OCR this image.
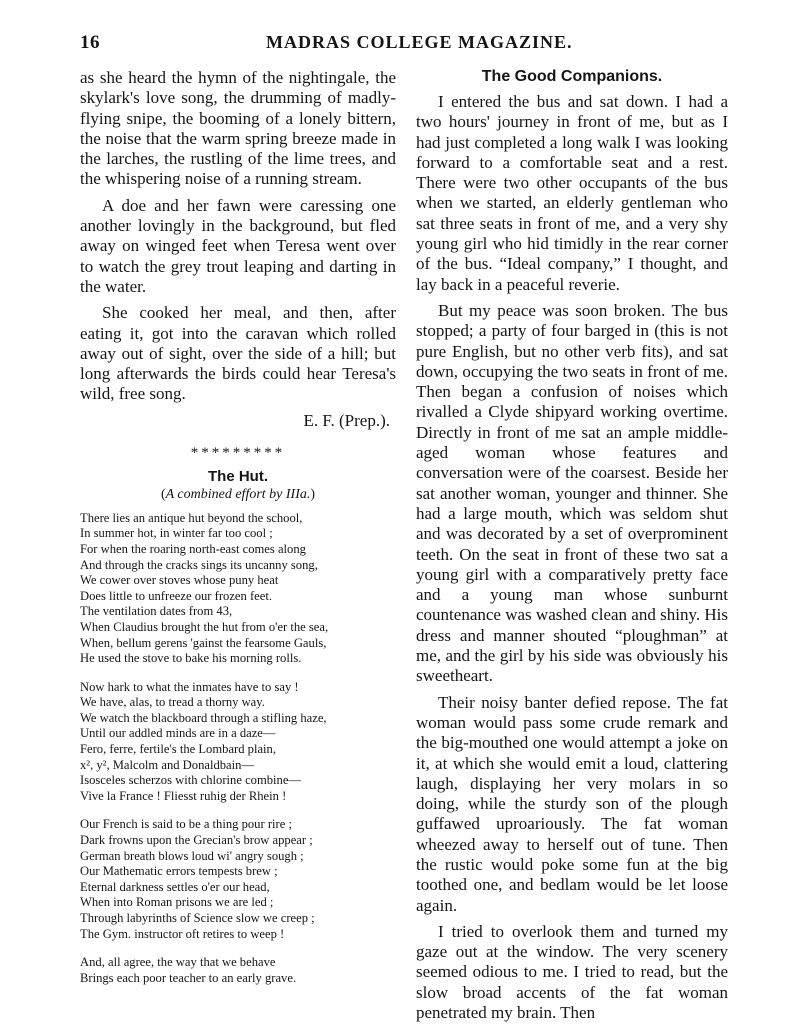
16	MADRAS COLLEGE MAGAZINE.

as she heard the hymn of the nightingale, the skylark's love song, the drumming of madly-flying snipe, the booming of a lonely bittern, the noise that the warm spring breeze made in the larches, the rustling of the lime trees, and the whispering noise of a running stream.

A doe and her fawn were caressing one another lovingly in the background, but fled away on winged feet when Teresa went over to watch the grey trout leaping and darting in the water.

She cooked her meal, and then, after eating it, got into the caravan which rolled away out of sight, over the side of a hill; but long afterwards the birds could hear Teresa's wild, free song.

E. F. (Prep.).
*********
The Hut.
(A combined effort by IIIa.)
There lies an antique hut beyond the school,
In summer hot, in winter far too cool ;
For when the roaring north-east comes along
And through the cracks sings its uncanny song,
We cower over stoves whose puny heat
Does little to unfreeze our frozen feet.
The ventilation dates from 43,
When Claudius brought the hut from o'er the sea,
When, bellum gerens 'gainst the fearsome Gauls,
He used the stove to bake his morning rolls.
Now hark to what the inmates have to say !
We have, alas, to tread a thorny way.
We watch the blackboard through a stifling haze,
Until our addled minds are in a daze—
Fero, ferre, fertile's the Lombard plain,
x², y², Malcolm and Donaldbain—
Isosceles scherzos with chlorine combine—
Vive la France ! Fliesst ruhig der Rhein !
Our French is said to be a thing pour rire ;
Dark frowns upon the Grecian's brow appear ;
German breath blows loud wi' angry sough ;
Our Mathematic errors tempests brew ;
Eternal darkness settles o'er our head,
When into Roman prisons we are led ;
Through labyrinths of Science slow we creep ;
The Gym. instructor oft retires to weep !
And, all agree, the way that we behave
Brings each poor teacher to an early grave.
The Good Companions.

I entered the bus and sat down. I had a two hours' journey in front of me, but as I had just completed a long walk I was looking forward to a comfortable seat and a rest. There were two other occupants of the bus when we started, an elderly gentleman who sat three seats in front of me, and a very shy young girl who hid timidly in the rear corner of the bus. “Ideal company,” I thought, and lay back in a peaceful reverie.

But my peace was soon broken. The bus stopped; a party of four barged in (this is not pure English, but no other verb fits), and sat down, occupying the two seats in front of me. Then began a confusion of noises which rivalled a Clyde shipyard working overtime. Directly in front of me sat an ample middle-aged woman whose features and conversation were of the coarsest. Beside her sat another woman, younger and thinner. She had a large mouth, which was seldom shut and was decorated by a set of overprominent teeth. On the seat in front of these two sat a young girl with a comparatively pretty face and a young man whose sunburnt countenance was washed clean and shiny. His dress and manner shouted “ploughman” at me, and the girl by his side was obviously his sweetheart.

Their noisy banter defied repose. The fat woman would pass some crude remark and the big-mouthed one would attempt a joke on it, at which she would emit a loud, clattering laugh, displaying her very molars in so doing, while the sturdy son of the plough guffawed uproariously. The fat woman wheezed away to herself out of tune. Then the rustic would poke some fun at the big toothed one, and bedlam would be let loose again.

I tried to overlook them and turned my gaze out at the window. The very scenery seemed odious to me. I tried to read, but the slow broad accents of the fat woman penetrated my brain. Then
